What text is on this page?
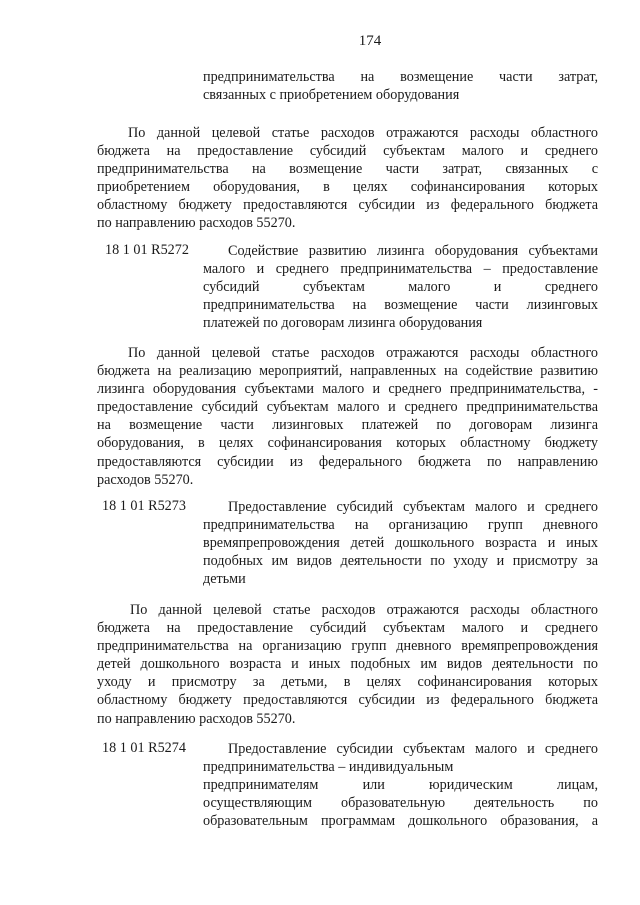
174
предпринимательства на возмещение части затрат,
связанных с приобретением оборудования
По данной целевой статье расходов отражаются расходы областного
бюджета на предоставление субсидий субъектам малого и среднего
предпринимательства на возмещение части затрат, связанных с
приобретением оборудования, в целях софинансирования которых
областному бюджету предоставляются субсидии из федерального бюджета
по направлению расходов 55270.
18 1 01 R5272	Содействие развитию лизинга оборудования субъектами
малого и среднего предпринимательства – предоставление
субсидий субъектам малого и среднего
предпринимательства на возмещение части лизинговых
платежей по договорам лизинга оборудования
По данной целевой статье расходов отражаются расходы областного
бюджета на реализацию мероприятий, направленных на содействие развитию
лизинга оборудования субъектами малого и среднего предпринимательства, -
предоставление субсидий субъектам малого и среднего предпринимательства
на возмещение части лизинговых платежей по договорам лизинга
оборудования, в целях софинансирования которых областному бюджету
предоставляются субсидии из федерального бюджета по направлению
расходов 55270.
18 1 01 R5273	Предоставление субсидий субъектам малого и среднего
предпринимательства на организацию групп дневного
времяпрепровождения детей дошкольного возраста и иных
подобных им видов деятельности по уходу и присмотру за
детьми
По данной целевой статье расходов отражаются расходы областного
бюджета на предоставление субсидий субъектам малого и среднего
предпринимательства на организацию групп дневного времяпрепровождения
детей дошкольного возраста и иных подобных им видов деятельности по
уходу и присмотру за детьми, в целях софинансирования которых
областному бюджету предоставляются субсидии из федерального бюджета
по направлению расходов 55270.
18 1 01 R5274	Предоставление субсидии субъектам малого и среднего
предпринимательства – индивидуальным
предпринимателям или юридическим лицам,
осуществляющим образовательную деятельность по
образовательным программам дошкольного образования, а
